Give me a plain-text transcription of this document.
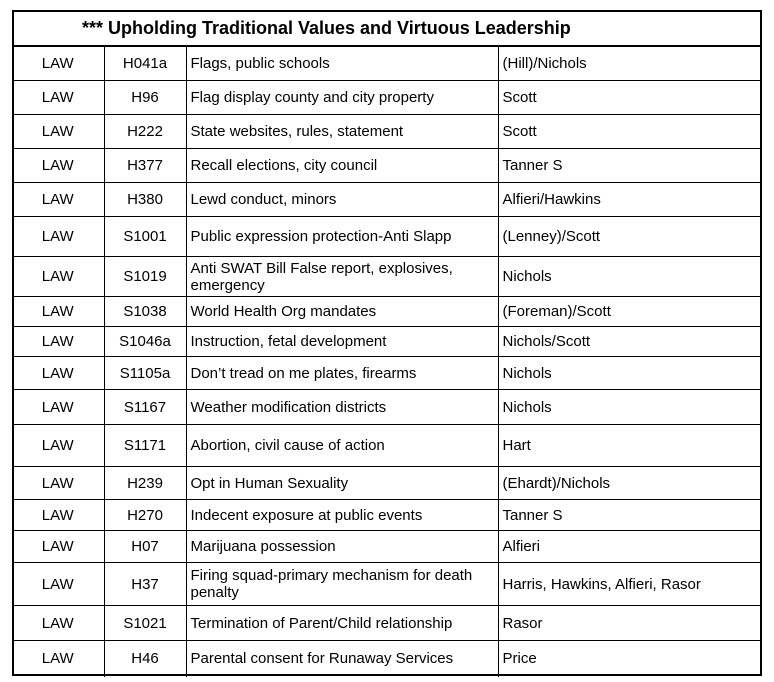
*** Upholding Traditional Values and Virtuous Leadership
LAW	H041a	Flags, public schools	(Hill)/Nichols
LAW	H96	Flag display county and city property	Scott
LAW	H222	State websites, rules, statement	Scott
LAW	H377	Recall elections, city council	Tanner S
LAW	H380	Lewd conduct, minors	Alfieri/Hawkins
LAW	S1001	Public expression protection-Anti Slapp	(Lenney)/Scott
LAW	S1019	Anti SWAT Bill False report, explosives, emergency	Nichols
LAW	S1038	World Health Org mandates	(Foreman)/Scott
LAW	S1046a	Instruction, fetal development	Nichols/Scott
LAW	S1105a	Don’t tread on me plates, firearms	Nichols
LAW	S1167	Weather modification districts	Nichols
LAW	S1171	Abortion, civil cause of action	Hart
LAW	H239	Opt in Human Sexuality	(Ehardt)/Nichols
LAW	H270	Indecent exposure at public events	Tanner S
LAW	H07	Marijuana possession	Alfieri
LAW	H37	Firing squad-primary mechanism for death penalty	Harris, Hawkins, Alfieri, Rasor
LAW	S1021	Termination of Parent/Child relationship	Rasor
LAW	H46	Parental consent for Runaway Services	Price
